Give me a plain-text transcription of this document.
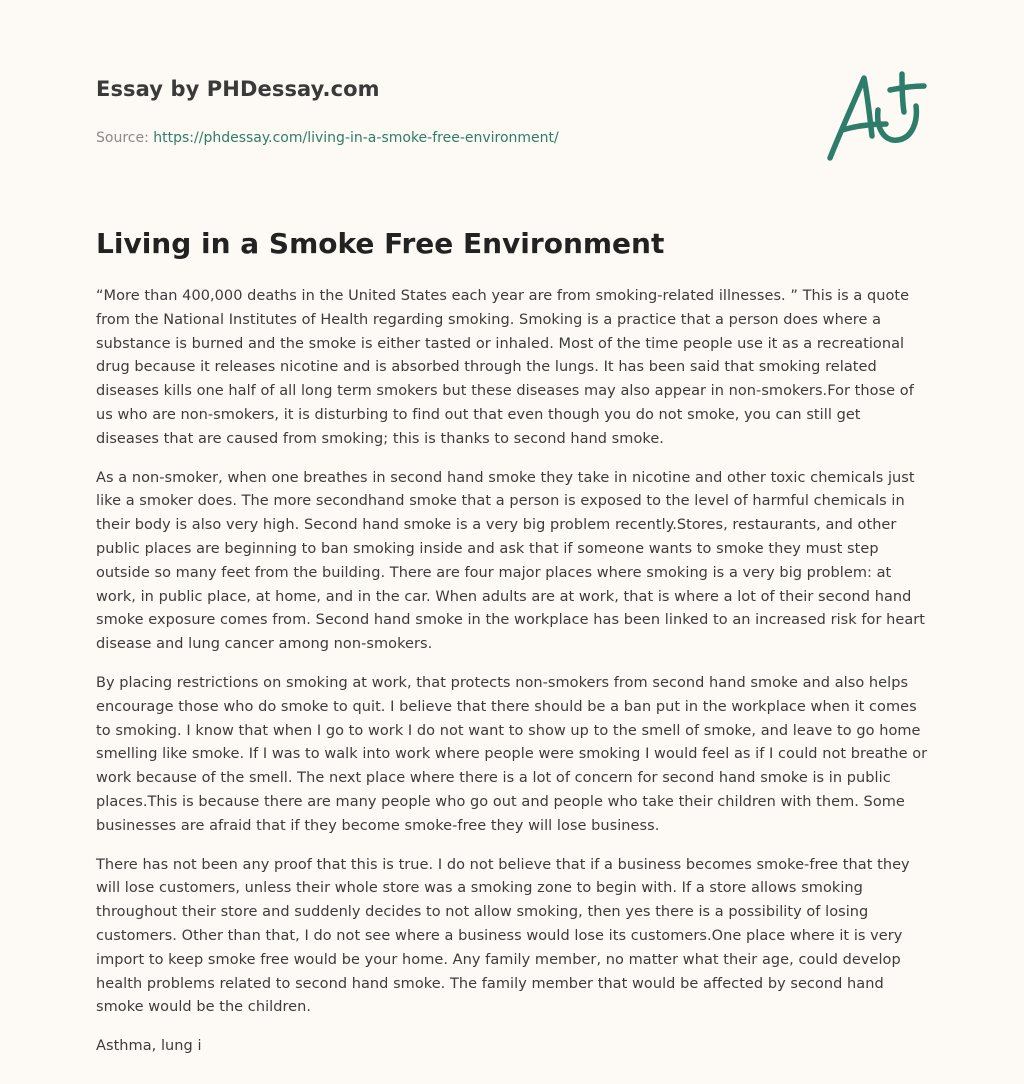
Essay by PHDessay.com
Source: https://phdessay.com/living-in-a-smoke-free-environment/
Living in a Smoke Free Environment

“More than 400,000 deaths in the United States each year are from smoking-related illnesses. ” This is a quote from the National Institutes of Health regarding smoking. Smoking is a practice that a person does where a substance is burned and the smoke is either tasted or inhaled. Most of the time people use it as a recreational drug because it releases nicotine and is absorbed through the lungs. It has been said that smoking related diseases kills one half of all long term smokers but these diseases may also appear in non-smokers.For those of us who are non-smokers, it is disturbing to find out that even though you do not smoke, you can still get diseases that are caused from smoking; this is thanks to second hand smoke.

As a non-smoker, when one breathes in second hand smoke they take in nicotine and other toxic chemicals just like a smoker does. The more secondhand smoke that a person is exposed to the level of harmful chemicals in their body is also very high. Second hand smoke is a very big problem recently.Stores, restaurants, and other public places are beginning to ban smoking inside and ask that if someone wants to smoke they must step outside so many feet from the building. There are four major places where smoking is a very big problem: at work, in public place, at home, and in the car. When adults are at work, that is where a lot of their second hand smoke exposure comes from. Second hand smoke in the workplace has been linked to an increased risk for heart disease and lung cancer among non-smokers.

By placing restrictions on smoking at work, that protects non-smokers from second hand smoke and also helps encourage those who do smoke to quit. I believe that there should be a ban put in the workplace when it comes to smoking. I know that when I go to work I do not want to show up to the smell of smoke, and leave to go home smelling like smoke. If I was to walk into work where people were smoking I would feel as if I could not breathe or work because of the smell. The next place where there is a lot of concern for second hand smoke is in public places.This is because there are many people who go out and people who take their children with them. Some businesses are afraid that if they become smoke-free they will lose business.

There has not been any proof that this is true. I do not believe that if a business becomes smoke-free that they will lose customers, unless their whole store was a smoking zone to begin with. If a store allows smoking throughout their store and suddenly decides to not allow smoking, then yes there is a possibility of losing customers. Other than that, I do not see where a business would lose its customers.One place where it is very import to keep smoke free would be your home. Any family member, no matter what their age, could develop health problems related to second hand smoke. The family member that would be affected by second hand smoke would be the children.

Asthma, lung i
